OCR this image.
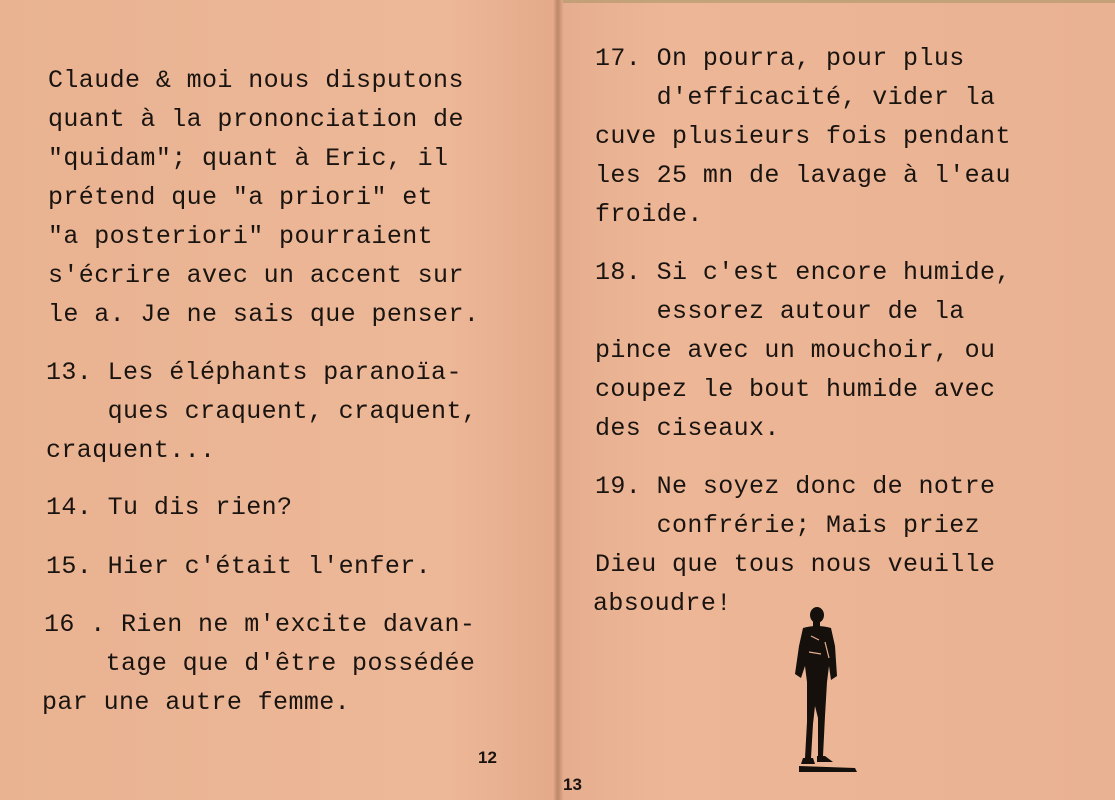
Claude & moi nous disputons
quant à la prononciation de
"quidam"; quant à Eric, il
prétend que "a priori" et
"a posteriori" pourraient
s'écrire avec un accent sur
le a. Je ne sais que penser.
13. Les éléphants paranoïa-
ques craquent, craquent,
craquent...
14. Tu dis rien?
15. Hier c'était l'enfer.
16 . Rien ne m'excite davan-
tage que d'être possédée
par une autre femme.
12
17. On pourra, pour plus
d'efficacité, vider la
cuve plusieurs fois pendant
les 25 mn de lavage à l'eau
froide.
18. Si c'est encore humide,
essorez autour de la
pince avec un mouchoir, ou
coupez le bout humide avec
des ciseaux.
19. Ne soyez donc de notre
confrérie; Mais priez
Dieu que tous nous veuille
absoudre!
13
